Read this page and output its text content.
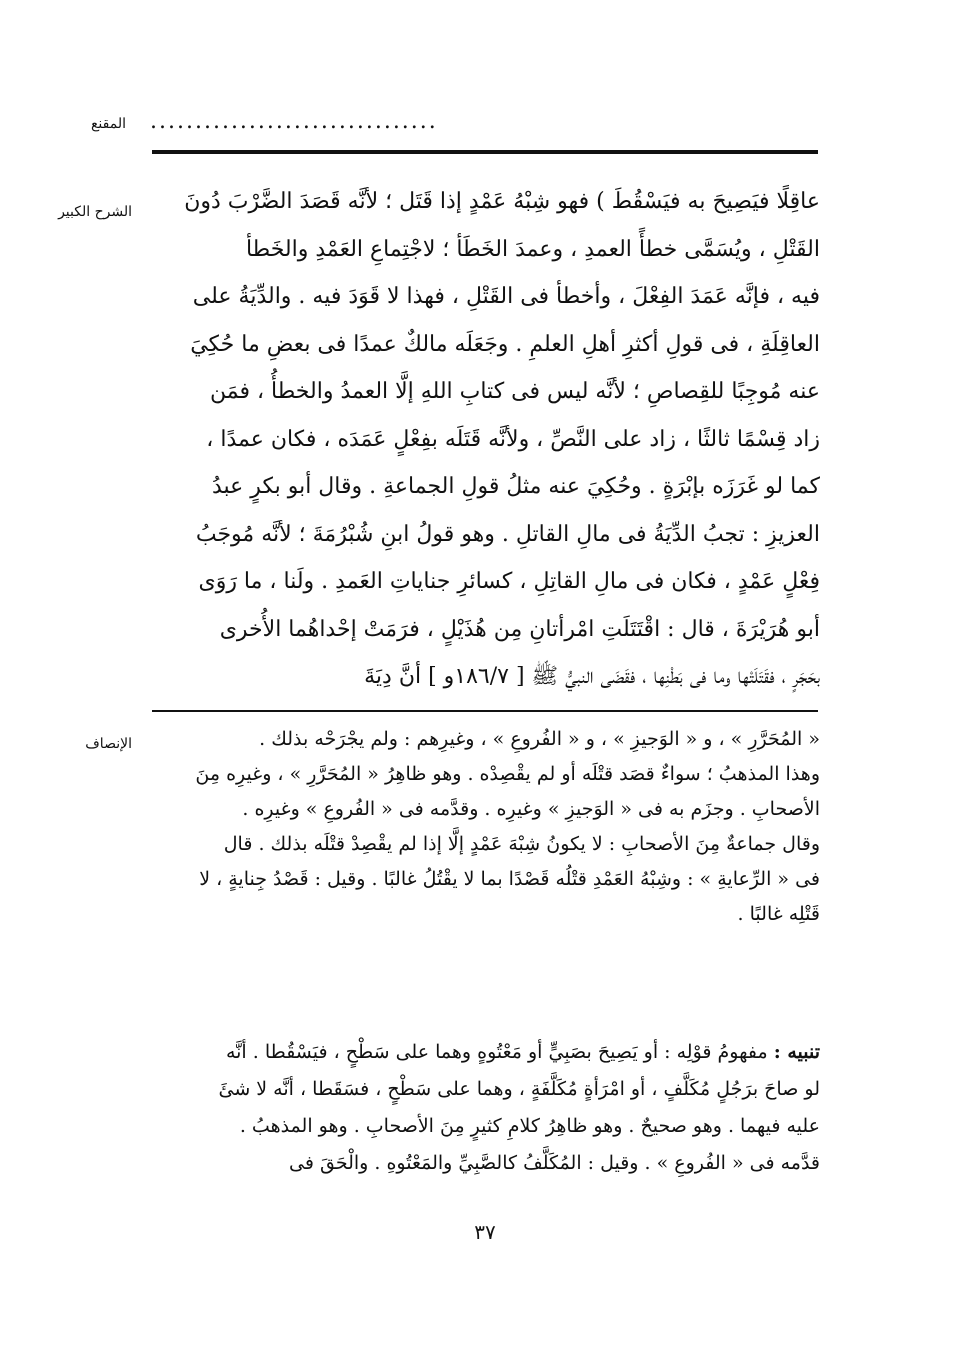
المقنع ................................
الشرح الكبير	عاقِلًا فيَصِيحَ به فيَسْقُطَ ) فهو شِبْهُ عَمْدٍ إذا قَتَل ؛ لأنَّه قَصَدَ الضَّرْبَ دُونَ
القَتْلِ ، ويُسَمَّى خطأً العمدِ ، وعمدَ الخَطَأ ؛ لاجْتِماعِ العَمْدِ والخَطأ
فيه ، فإنَّه عَمَدَ الفِعْلَ ، وأخطأ فى القَتْلِ ، فهذا لا قَوَدَ فيه . والدِّيَةُ على
العاقِلَةِ ، فى قولِ أكثرِ أهلِ العلمِ . وجَعَلَه مالكٌ عمدًا فى بعضِ ما حُكِيَ
عنه مُوجِبًا للقِصاصِ ؛ لأنَّه ليس فى كتابِ اللهِ إلَّا العمدُ والخطأُ ، فمَن
زاد قِسْمًا ثالثًا ، زاد على النَّصِّ ، ولأنَّه قَتَلَه بفِعْلٍ عَمَدَه ، فكان عمدًا ،
كما لو غَرَزَه بإبْرَةٍ . وحُكِيَ عنه مثلُ قولِ الجماعةِ . وقال أبو بكرٍ عبدُ
العزيزِ : تجبُ الدِّيَةُ فى مالِ القاتلِ . وهو قولُ ابنِ شُبْرُمَةَ ؛ لأنَّه مُوجَبُ
فِعْلٍ عَمْدٍ ، فكان فى مالِ القاتِلِ ، كسائرِ جناياتِ العَمدِ . ولَنا ، ما رَوَى
أبو هُرَيْرَةَ ، قال : اقْتَتَلَتِ امْرأتانِ مِن هُذَيْلٍ ، فرَمَتْ إحْداهُما الأُخرى
بحَجَرٍ ، فقَتَلَتْها وما فى بَطْنِها ، فقَضَى النبيُّ ﷺ [ ١٨٦/٧و ] أنَّ دِيَةَ
الإنصاف	« المُحَرَّرِ » ، و « الوَجيزِ » ، و « الفُروعِ » ، وغيرِهم : ولم يجْرَحْه بذلك .
وهذا المذهبُ ؛ سواءٌ قصَد قتْلَه أو لم يقْصِدْه . وهو ظاهِرُ « المُحَرَّرِ » ، وغيرِه مِنَ
الأصحابِ . وجزَم به فى « الوَجيزِ » وغيرِه . وقدَّمه فى « الفُروعِ » وغيرِه .
وقال جماعةٌ مِنَ الأصحابِ : لا يكونُ شِبْهَ عَمْدٍ إلَّا إذا لم يقْصِدْ قتْلَه بذلك . قال
فى « الرِّعايةِ » : وشِبْهُ العَمْدِ قتْلُه قَصْدًا بما لا يقْتُلُ غالبًا . وقيل : قَصْدُ جِنايةٍ ، لا
قَتْلِه غالبًا .
تنبيه : مفهومُ قوْلِه : أو يَصِيحَ بصَبِيٍّ أو مَعْتُوهٍ وهما على سَطْحٍ ، فيَسْقُطا . أنَّه
لو صاحَ برَجُلٍ مُكَلَّفٍ ، أو امْرَأةٍ مُكَلَّفَةٍ ، وهما على سَطْحٍ ، فسَقَطا ، أنَّه لا شئَ
عليه فيهما . وهو صحيحٌ . وهو ظاهِرُ كلامِ كثيرٍ مِنَ الأصحابِ . وهو المذهبُ .
قدَّمه فى « الفُروعِ » . وقيل : المُكَلَّفُ كالصَّبِيِّ والمَعْتُوهِ . والْحَقَ فى
٣٧
